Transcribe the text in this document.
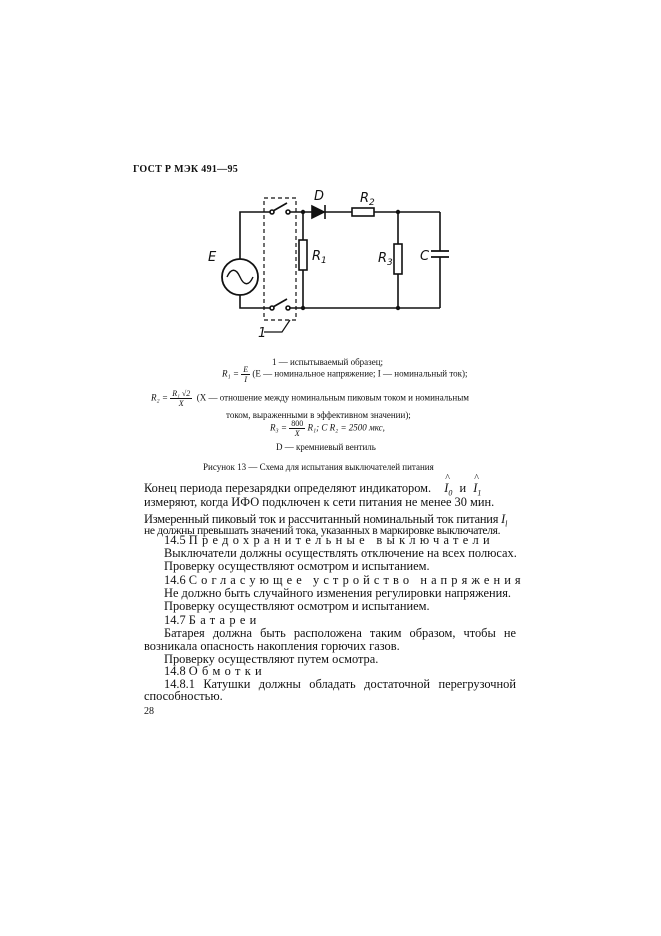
ГОСТ Р МЭК 491—95
E
D	$R_2$
$R_1$	$R_3$ C
1
1 — испытываемый образец;
$R_1 = \frac{E}{I} (E$ — номинальное напряжение; I — номинальный ток);
$R_2 = \frac{\text{R₁ √2}}{X} (X$ — отношение между номинальным пиковым током и номинальным
током, выраженными в эффективном значении);
$R_3 = \frac{800}{X} R_1$; C R₂ = 2500 мкс,
D — кремниевый вентиль
Рисунок 13 — Схема для испытания выключателей питания
Конец периода перезарядки определяют индикатором. ^ $I_0$ и ^ $I_1$
измеряют, когда ИФО подключен к сети питания не менее 30 мин.
Измеренный пиковый ток и рассчитанный номинальный ток питания $I_l$
не должны превышать значений тока, указанных в маркировке выключателя.
14.5 Предохранительные выключатели
Выключатели должны осуществлять отключение на всех полюсах.
Проверку осуществляют осмотром и испытанием.
14.6 Согласующее устройство напряжения
Не должно быть случайного изменения регулировки напряжения.
Проверку осуществляют осмотром и испытанием.
14.7 Батареи
Батарея должна быть расположена таким образом, чтобы не
возникала опасность накопления горючих газов.
Проверку осуществляют путем осмотра.
14.8 Обмотки
14.8.1 Катушки должны обладать достаточной перегрузочной
способностью.
28
